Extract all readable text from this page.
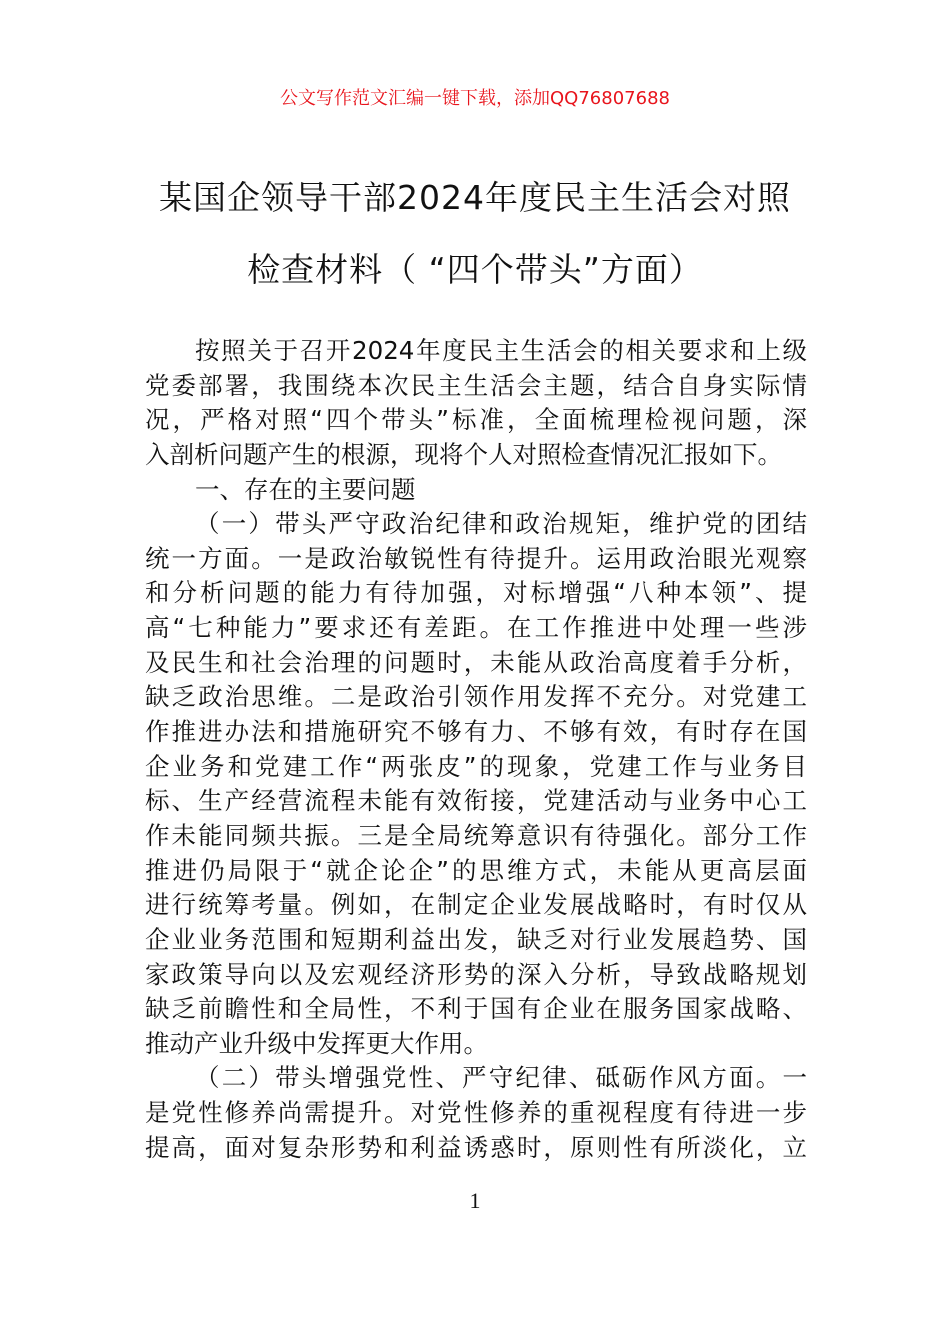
公文写作范文汇编一键下载，添加QQ76807688
某国企领导干部2024年度民主生活会对照
检查材料（ “四个带头”方面）
按照关于召开2024年度民主生活会的相关要求和上级
党委部署，我围绕本次民主生活会主题，结合自身实际情
况，严格对照“四个带头”标准，全面梳理检视问题，深
入剖析问题产生的根源，现将个人对照检查情况汇报如下。
一、存在的主要问题
（一）带头严守政治纪律和政治规矩，维护党的团结
统一方面。一是政治敏锐性有待提升。运用政治眼光观察
和分析问题的能力有待加强，对标增强“八种本领”、提
高“七种能力”要求还有差距。在工作推进中处理一些涉
及民生和社会治理的问题时，未能从政治高度着手分析，
缺乏政治思维。二是政治引领作用发挥不充分。对党建工
作推进办法和措施研究不够有力、不够有效，有时存在国
企业务和党建工作“两张皮”的现象，党建工作与业务目
标、生产经营流程未能有效衔接，党建活动与业务中心工
作未能同频共振。三是全局统筹意识有待强化。部分工作
推进仍局限于“就企论企”的思维方式，未能从更高层面
进行统筹考量。例如，在制定企业发展战略时，有时仅从
企业业务范围和短期利益出发，缺乏对行业发展趋势、国
家政策导向以及宏观经济形势的深入分析，导致战略规划
缺乏前瞻性和全局性，不利于国有企业在服务国家战略、
推动产业升级中发挥更大作用。
（二）带头增强党性、严守纪律、砥砺作风方面。一
是党性修养尚需提升。对党性修养的重视程度有待进一步
提高，面对复杂形势和利益诱惑时，原则性有所淡化，立
1
